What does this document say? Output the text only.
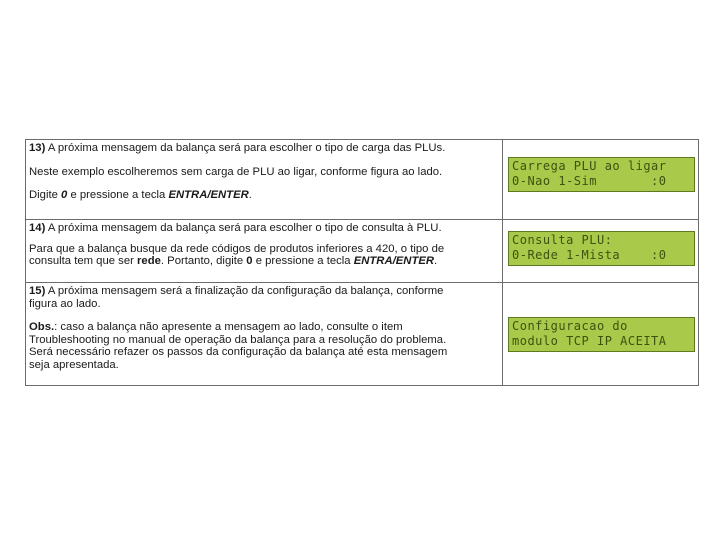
13) A próxima mensagem da balança será para escolher o tipo de carga das PLUs.

Neste exemplo escolheremos sem carga de PLU ao ligar, conforme figura ao lado.

Digite 0 e pressione a tecla ENTRA/ENTER.

Carrega PLU ao ligar
0-Nao 1-Sim       :0

14) A próxima mensagem da balança será para escolher o tipo de consulta à PLU.

Para que a balança busque da rede códigos de produtos inferiores a 420, o tipo de

consulta tem que ser rede. Portanto, digite 0 e pressione a tecla ENTRA/ENTER.

Consulta PLU:
0-Rede 1-Mista    :0

15) A próxima mensagem será a finalização da configuração da balança, conforme

figura ao lado.

Obs.: caso a balança não apresente a mensagem ao lado, consulte o item

Troubleshooting no manual de operação da balança para a resolução do problema.

Será necessário refazer os passos da configuração da balança até esta mensagem

seja apresentada.

Configuracao do
modulo TCP IP ACEITA
